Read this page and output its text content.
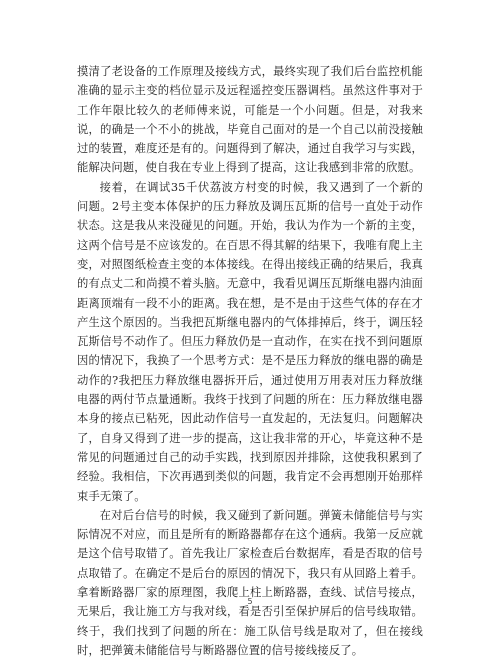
摸清了老设备的工作原理及接线方式，最终实现了我们后台监控机能准确的显示主变的档位显示及远程遥控变压器调档。虽然这件事对于工作年限比较久的老师傅来说，可能是一个小问题。但是，对我来说，的确是一个不小的挑战，毕竟自己面对的是一个自己以前没接触过的装置，难度还是有的。问题得到了解决，通过自我学习与实践，能解决问题，使自我在专业上得到了提高，这让我感到非常的欣慰。

接着，在调试35千伏荔波方村变的时候，我又遇到了一个新的问题。2号主变本体保护的压力释放及调压瓦斯的信号一直处于动作状态。这是我从来没碰见的问题。开始，我认为作为一个新的主变，这两个信号是不应该发的。在百思不得其解的结果下，我唯有爬上主变，对照图纸检查主变的本体接线。在得出接线正确的结果后，我真的有点丈二和尚摸不着头脑。无意中，我看见调压瓦斯继电器内油面距离顶端有一段不小的距离。我在想，是不是由于这些气体的存在才产生这个原因的。当我把瓦斯继电器内的气体排掉后，终于，调压轻瓦斯信号不动作了。但压力释放仍是一直动作，在实在找不到问题原因的情况下，我换了一个思考方式：是不是压力释放的继电器的确是动作的?我把压力释放继电器拆开后，通过使用万用表对压力释放继电器的两付节点量通断。我终于找到了问题的所在：压力释放继电器本身的接点已粘死，因此动作信号一直发起的，无法复归。问题解决了，自身又得到了进一步的提高，这让我非常的开心，毕竟这种不是常见的问题通过自己的动手实践，找到原因并排除，这使我积累到了经验。我相信，下次再遇到类似的问题，我肯定不会再想刚开始那样束手无策了。

在对后台信号的时候，我又碰到了新问题。弹簧未储能信号与实际情况不对应，而且是所有的断路器都存在这个通病。我第一反应就是这个信号取错了。首先我让厂家检查后台数据库，看是否取的信号点取错了。在确定不是后台的原因的情况下，我只有从回路上着手。拿着断路器厂家的原理图，我爬上柱上断路器，查线、试信号接点，无果后，我让施工方与我对线，看是否引至保护屏后的信号线取错。终于，我们找到了问题的所在：施工队信号线是取对了，但在接线时，把弹簧未储能信号与断路器位置的信号接线接反了。

5
